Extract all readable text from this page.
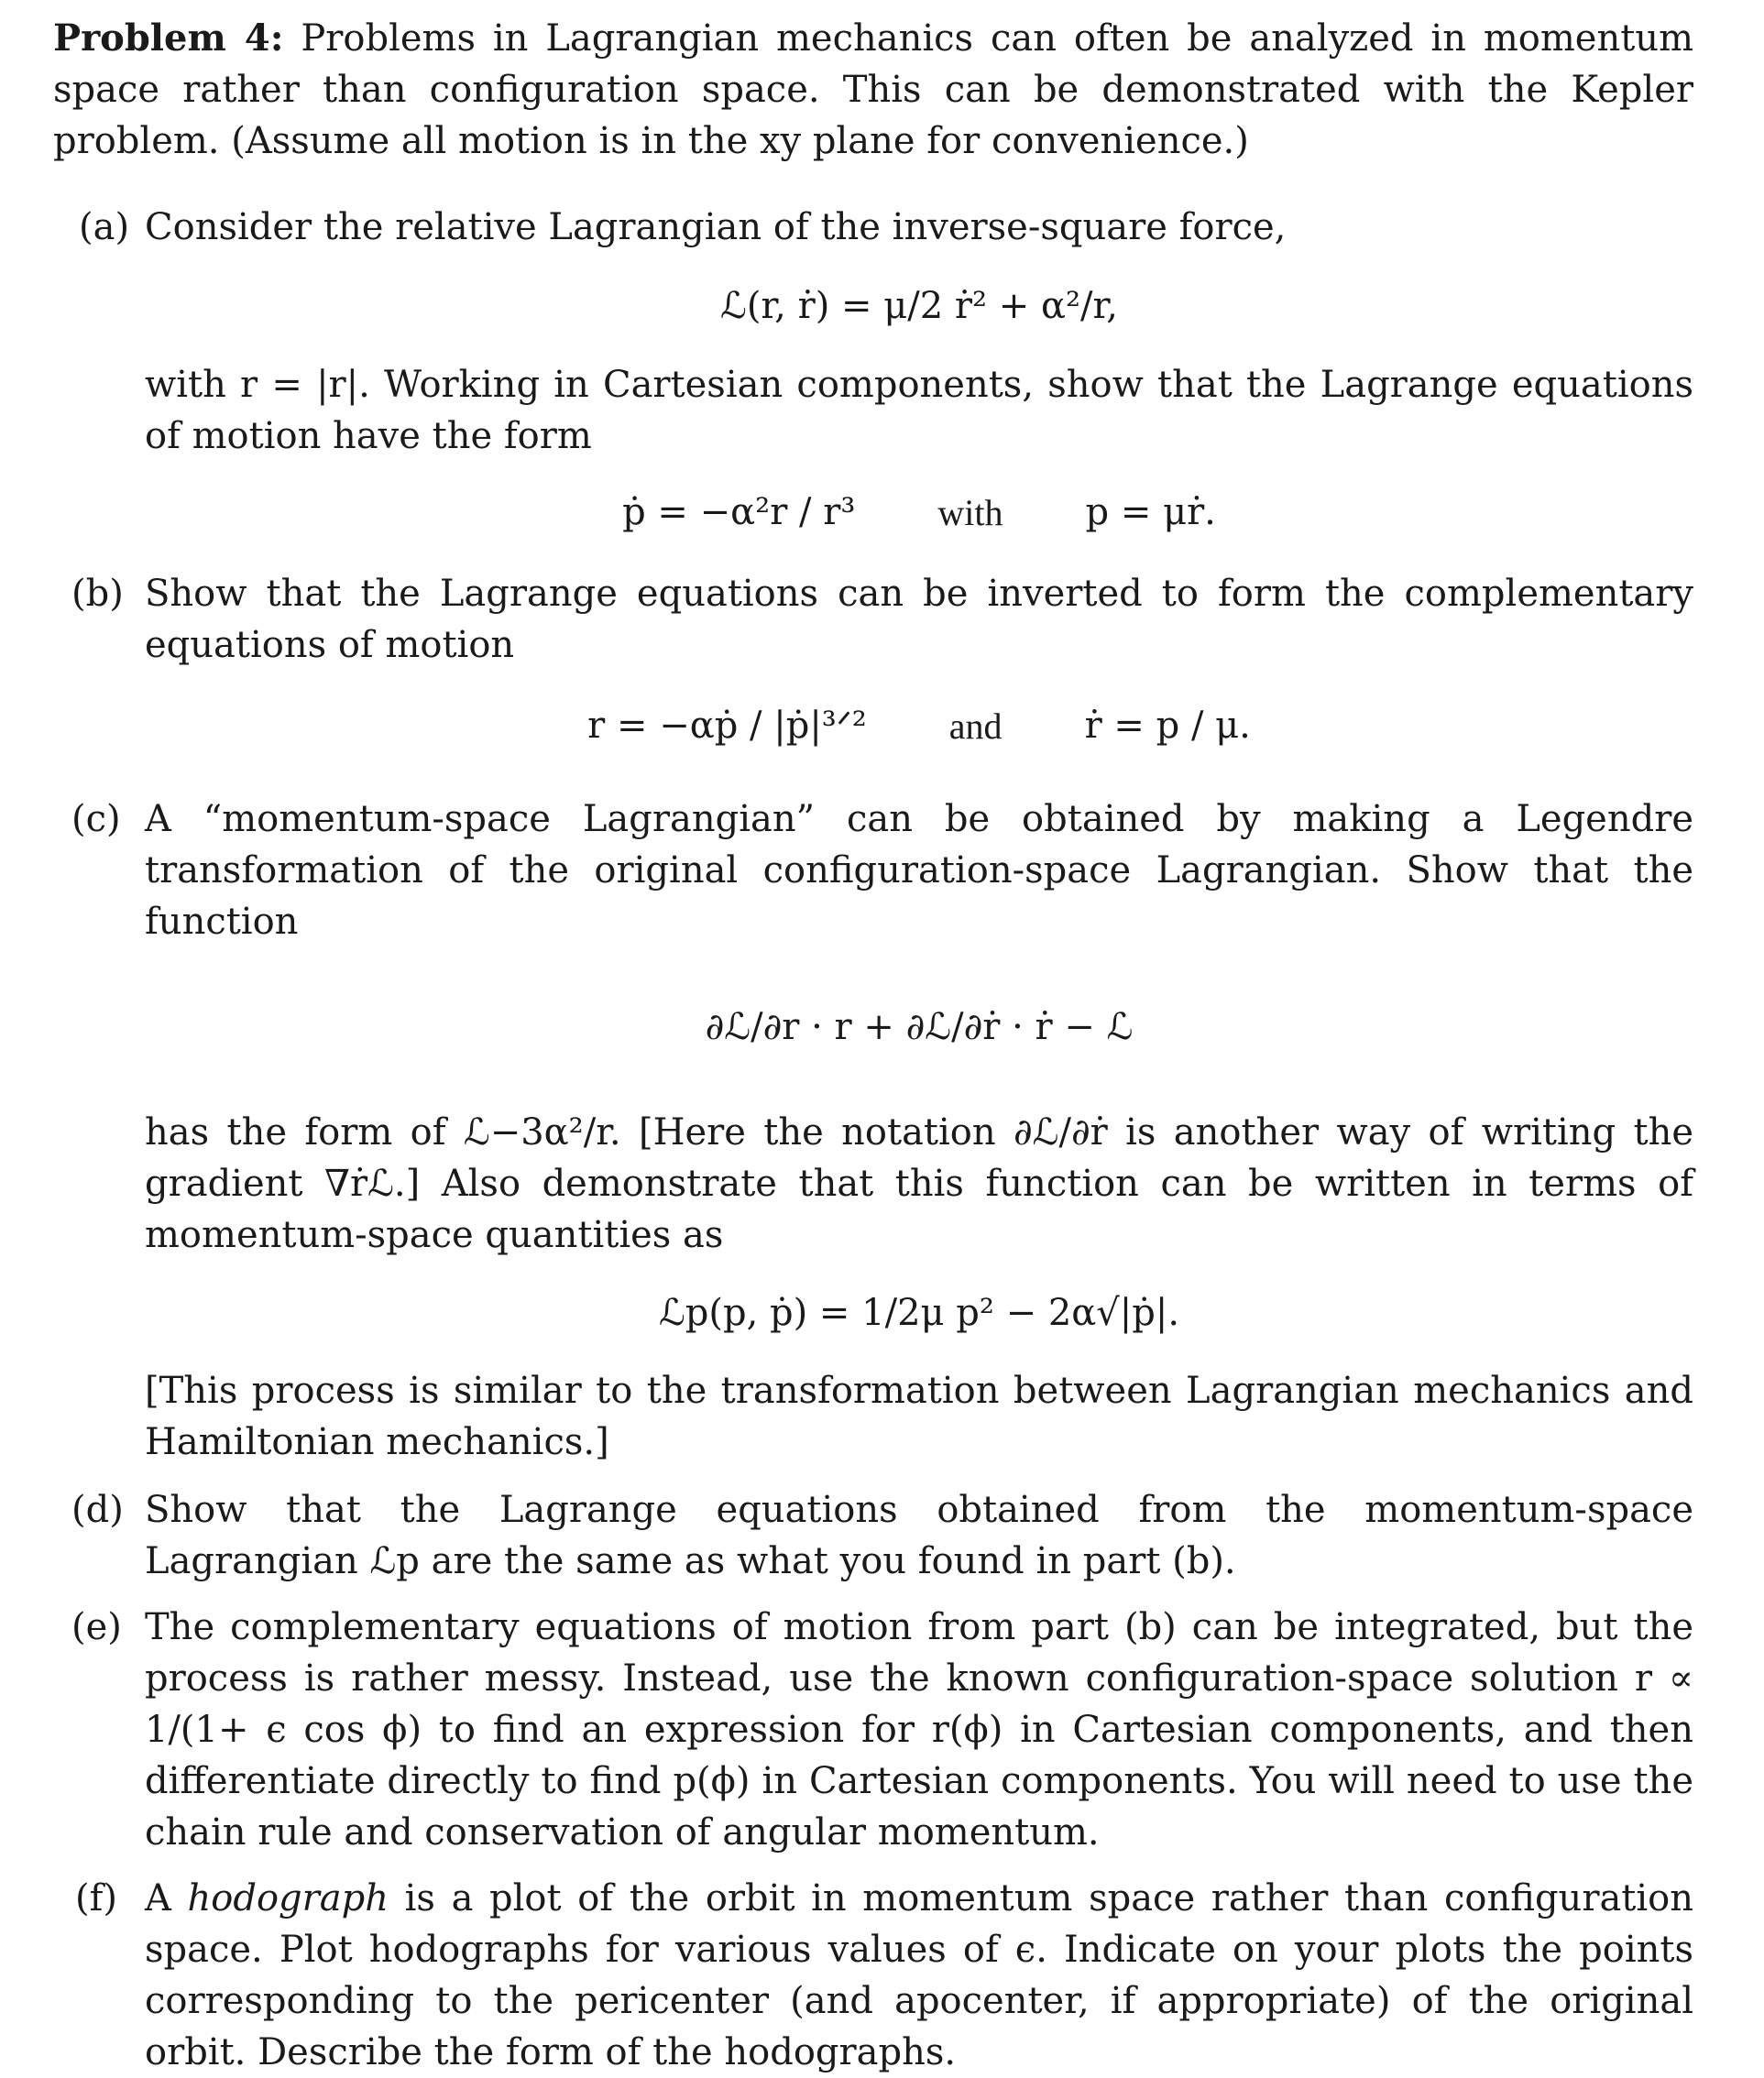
Problem 4: Problems in Lagrangian mechanics can often be analyzed in momentum space rather than configuration space. This can be demonstrated with the Kepler problem. (Assume all motion is in the xy plane for convenience.)

(a) Consider the relative Lagrangian of the inverse-square force,
ℒ(r, ṙ) = μ/2 ṙ² + α²/r,
with r = |r|. Working in Cartesian components, show that the Lagrange equations of motion have the form
ṗ = −α²r / r³ with p = μṙ.
(b) Show that the Lagrange equations can be inverted to form the complementary equations of motion
r = −αṗ / |ṗ|³ᐟ² and ṙ = p / μ.
(c) A “momentum-space Lagrangian” can be obtained by making a Legendre transformation of the original configuration-space Lagrangian. Show that the function
∂ℒ/∂r · r + ∂ℒ/∂ṙ · ṙ − ℒ
has the form of ℒ−3α²/r. [Here the notation ∂ℒ/∂ṙ is another way of writing the gradient ∇ṙℒ.] Also demonstrate that this function can be written in terms of momentum-space quantities as
ℒp(p, ṗ) = 1/2μ p² − 2α√|ṗ|.
[This process is similar to the transformation between Lagrangian mechanics and Hamiltonian mechanics.]
(d) Show that the Lagrange equations obtained from the momentum-space Lagrangian ℒp are the same as what you found in part (b).
(e) The complementary equations of motion from part (b) can be integrated, but the process is rather messy. Instead, use the known configuration-space solution r ∝ 1/(1+ ϵ cos ϕ) to find an expression for r(ϕ) in Cartesian components, and then differentiate directly to find p(ϕ) in Cartesian components. You will need to use the chain rule and conservation of angular momentum.
(f) A hodograph is a plot of the orbit in momentum space rather than configuration space. Plot hodographs for various values of ϵ. Indicate on your plots the points corresponding to the pericenter (and apocenter, if appropriate) of the original orbit. Describe the form of the hodographs.
